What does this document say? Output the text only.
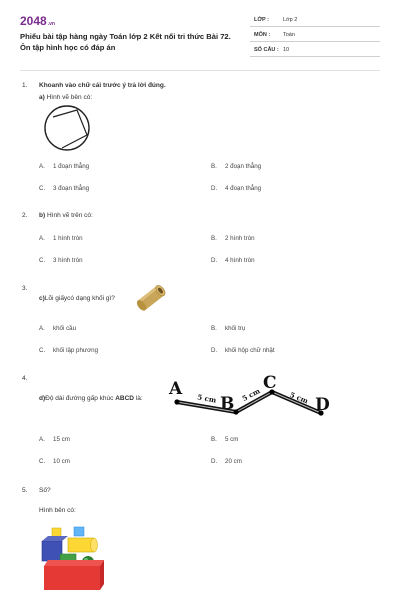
2048.vn
Phiếu bài tập hàng ngày Toán lớp 2 Kết nối tri thức Bài 72.
Ôn tập hình học có đáp án
LỚP :	Lớp 2
MÔN : Toán
SỐ CÂU : 10
1. Khoanh vào chữ cái trước ý trả lời đúng.
a) Hình vẽ bên có:
A. 1 đoạn thẳng	B. 2 đoạn thẳng
C. 3 đoạn thẳng	D. 4 đoạn thẳng
2. b) Hình vẽ trên có:
A. 1 hình tròn	B. 2 hình tròn
C. 3 hình tròn	D. 4 hình tròn
3.
c)Lõi giấycó dạng khối gì?
A. khối cầu	B. khối trụ
C. khối lập phương	D. khối hộp chữ nhật
4.
d)Độ dài đường gấp khúc ABCD là: A
B
C
D
5 cm	5 cm	5 cm
A. 15 cm	B. 5 cm
C. 10 cm	D. 20 cm
5. Số?
Hình bên có:
